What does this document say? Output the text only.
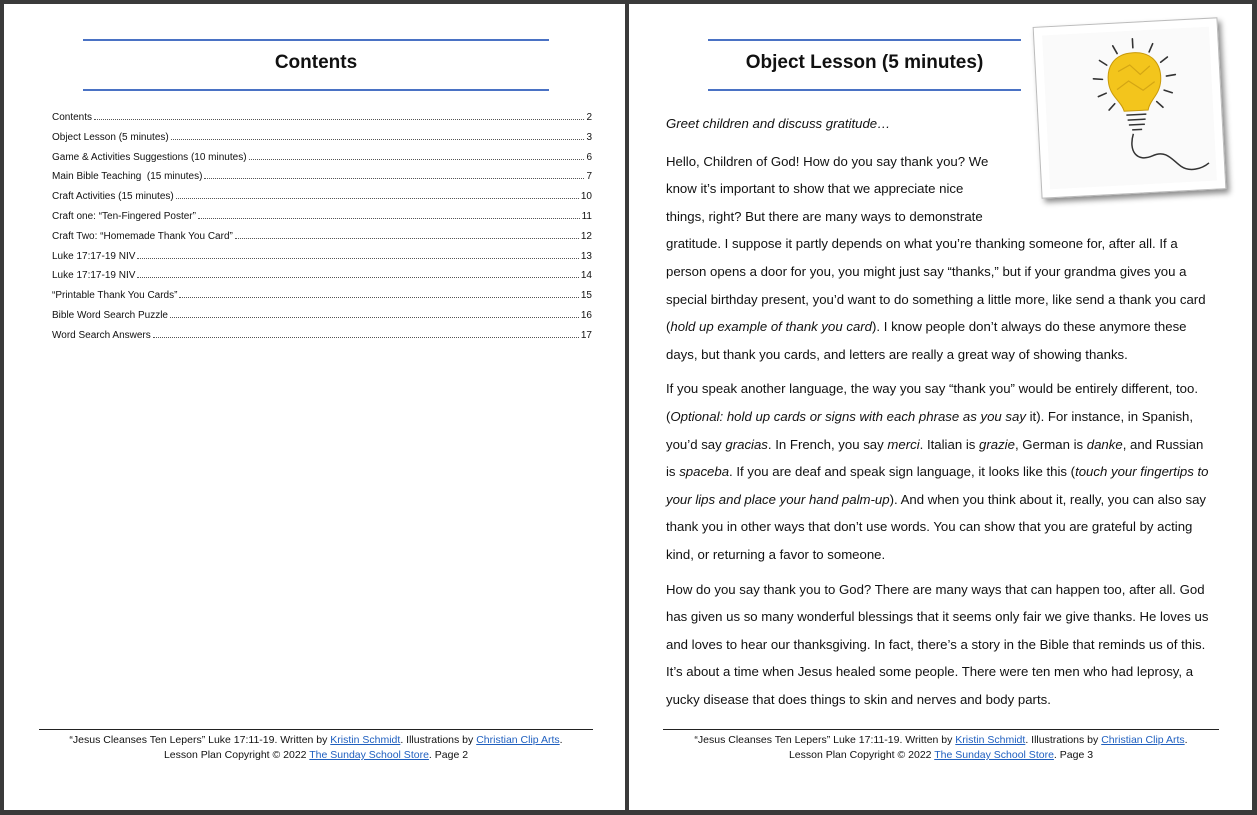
Contents
Contents	2
Object Lesson (5 minutes)	3
Game & Activities Suggestions (10 minutes)	6
Main Bible Teaching  (15 minutes)	7
Craft Activities (15 minutes)	10
Craft one: “Ten-Fingered Poster”	11
Craft Two: “Homemade Thank You Card”	12
Luke 17:17-19 NIV	13
Luke 17:17-19 NIV	14
“Printable Thank You Cards”	15
Bible Word Search Puzzle	16
Word Search Answers	17
“Jesus Cleanses Ten Lepers” Luke 17:11-19. Written by Kristin Schmidt. Illustrations by Christian Clip Arts.
Lesson Plan Copyright © 2022 The Sunday School Store. Page 2
Object Lesson (5 minutes)

Greet children and discuss gratitude…

Hello, Children of God! How do you say thank you? We
know it’s important to show that we appreciate nice
things, right? But there are many ways to demonstrate
gratitude. I suppose it partly depends on what you’re thanking someone for, after all. If a person opens a door for you, you might just say “thanks,” but if your grandma gives you a special birthday present, you’d want to do something a little more, like send a thank you card (hold up example of thank you card). I know people don’t always do these anymore these days, but thank you cards, and letters are really a great way of showing thanks.

If you speak another language, the way you say “thank you” would be entirely different, too. (Optional: hold up cards or signs with each phrase as you say it). For instance, in Spanish, you’d say gracias. In French, you say merci. Italian is grazie, German is danke, and Russian is spaceba. If you are deaf and speak sign language, it looks like this (touch your fingertips to your lips and place your hand palm-up). And when you think about it, really, you can also say thank you in other ways that don’t use words. You can show that you are grateful by acting kind, or returning a favor to someone.

How do you say thank you to God? There are many ways that can happen too, after all. God has given us so many wonderful blessings that it seems only fair we give thanks. He loves us and loves to hear our thanksgiving. In fact, there’s a story in the Bible that reminds us of this. It’s about a time when Jesus healed some people. There were ten men who had leprosy, a yucky disease that does things to skin and nerves and body parts.

“Jesus Cleanses Ten Lepers” Luke 17:11-19. Written by Kristin Schmidt. Illustrations by Christian Clip Arts.
Lesson Plan Copyright © 2022 The Sunday School Store. Page 3
